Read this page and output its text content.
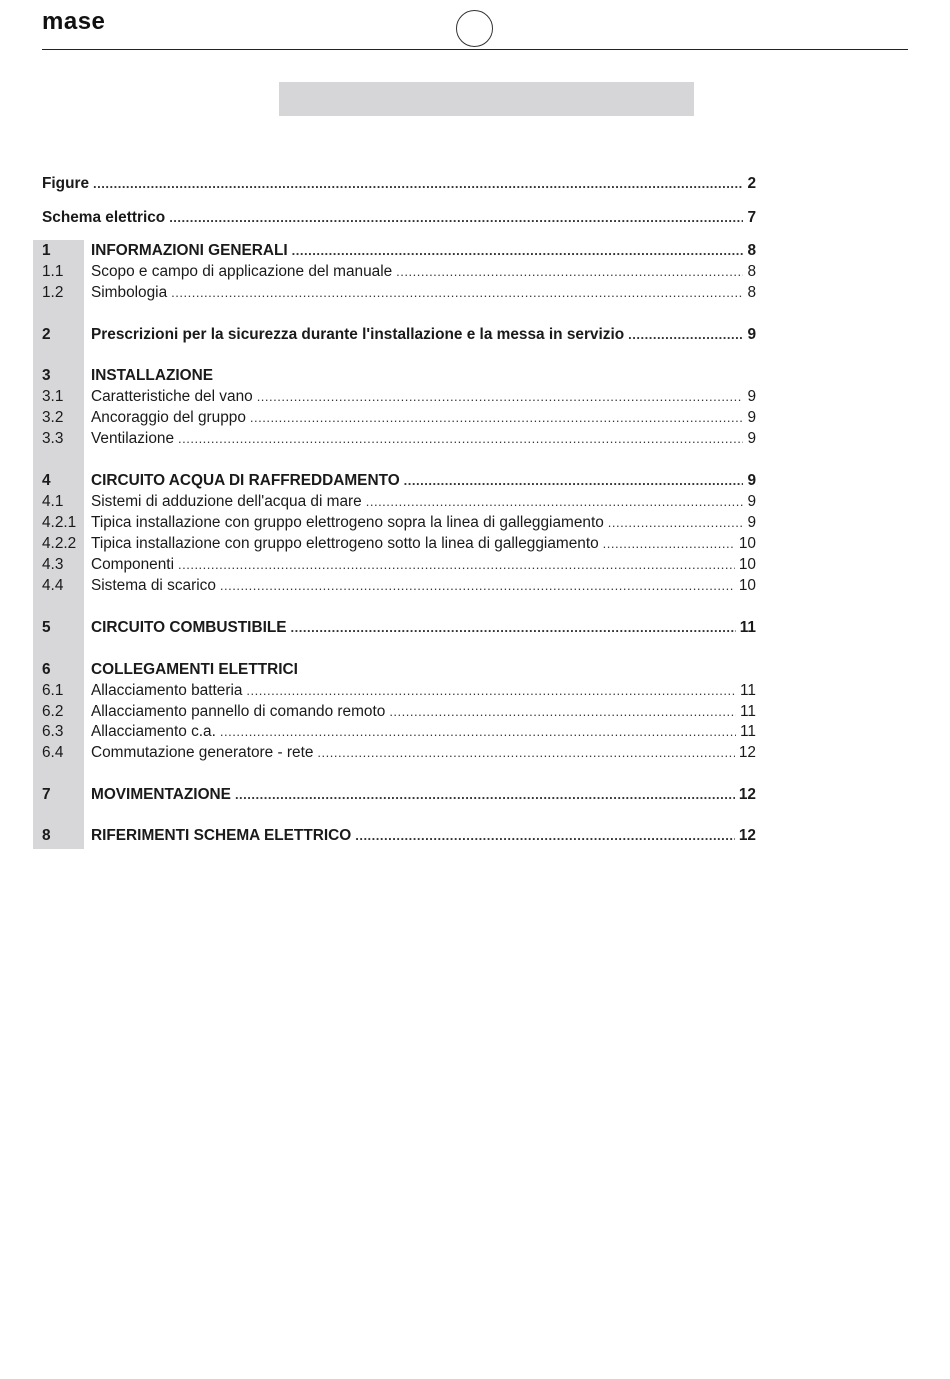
mase
Figure .....	2
Schema elettrico .....	7
1	INFORMAZIONI GENERALI .....	8
1.1 Scopo e campo di applicazione del manuale .....	8
1.2 Simbologia .....	8
2	Prescrizioni per la sicurezza durante l'installazione e la messa in servizio .....	9
3	INSTALLAZIONE
3.1 Caratteristiche del vano .....	9
3.2 Ancoraggio del gruppo .....	9
3.3 Ventilazione .....	9
4	CIRCUITO ACQUA DI RAFFREDDAMENTO .....	9
4.1 Sistemi di adduzione dell'acqua di mare .....	9
4.2.1 Tipica installazione con gruppo elettrogeno sopra la linea di galleggiamento .....	9
4.2.2 Tipica installazione con gruppo elettrogeno sotto la linea di galleggiamento .....	10
4.3 Componenti .....	10
4.4 Sistema di scarico .....	10
5	CIRCUITO COMBUSTIBILE .....	11
6	COLLEGAMENTI ELETTRICI
6.1 Allacciamento batteria .....	11
6.2 Allacciamento pannello di comando remoto .....	11
6.3 Allacciamento c.a. .....	11
6.4 Commutazione generatore - rete .....	12
7	MOVIMENTAZIONE .....	12
8	RIFERIMENTI SCHEMA ELETTRICO .....	12
